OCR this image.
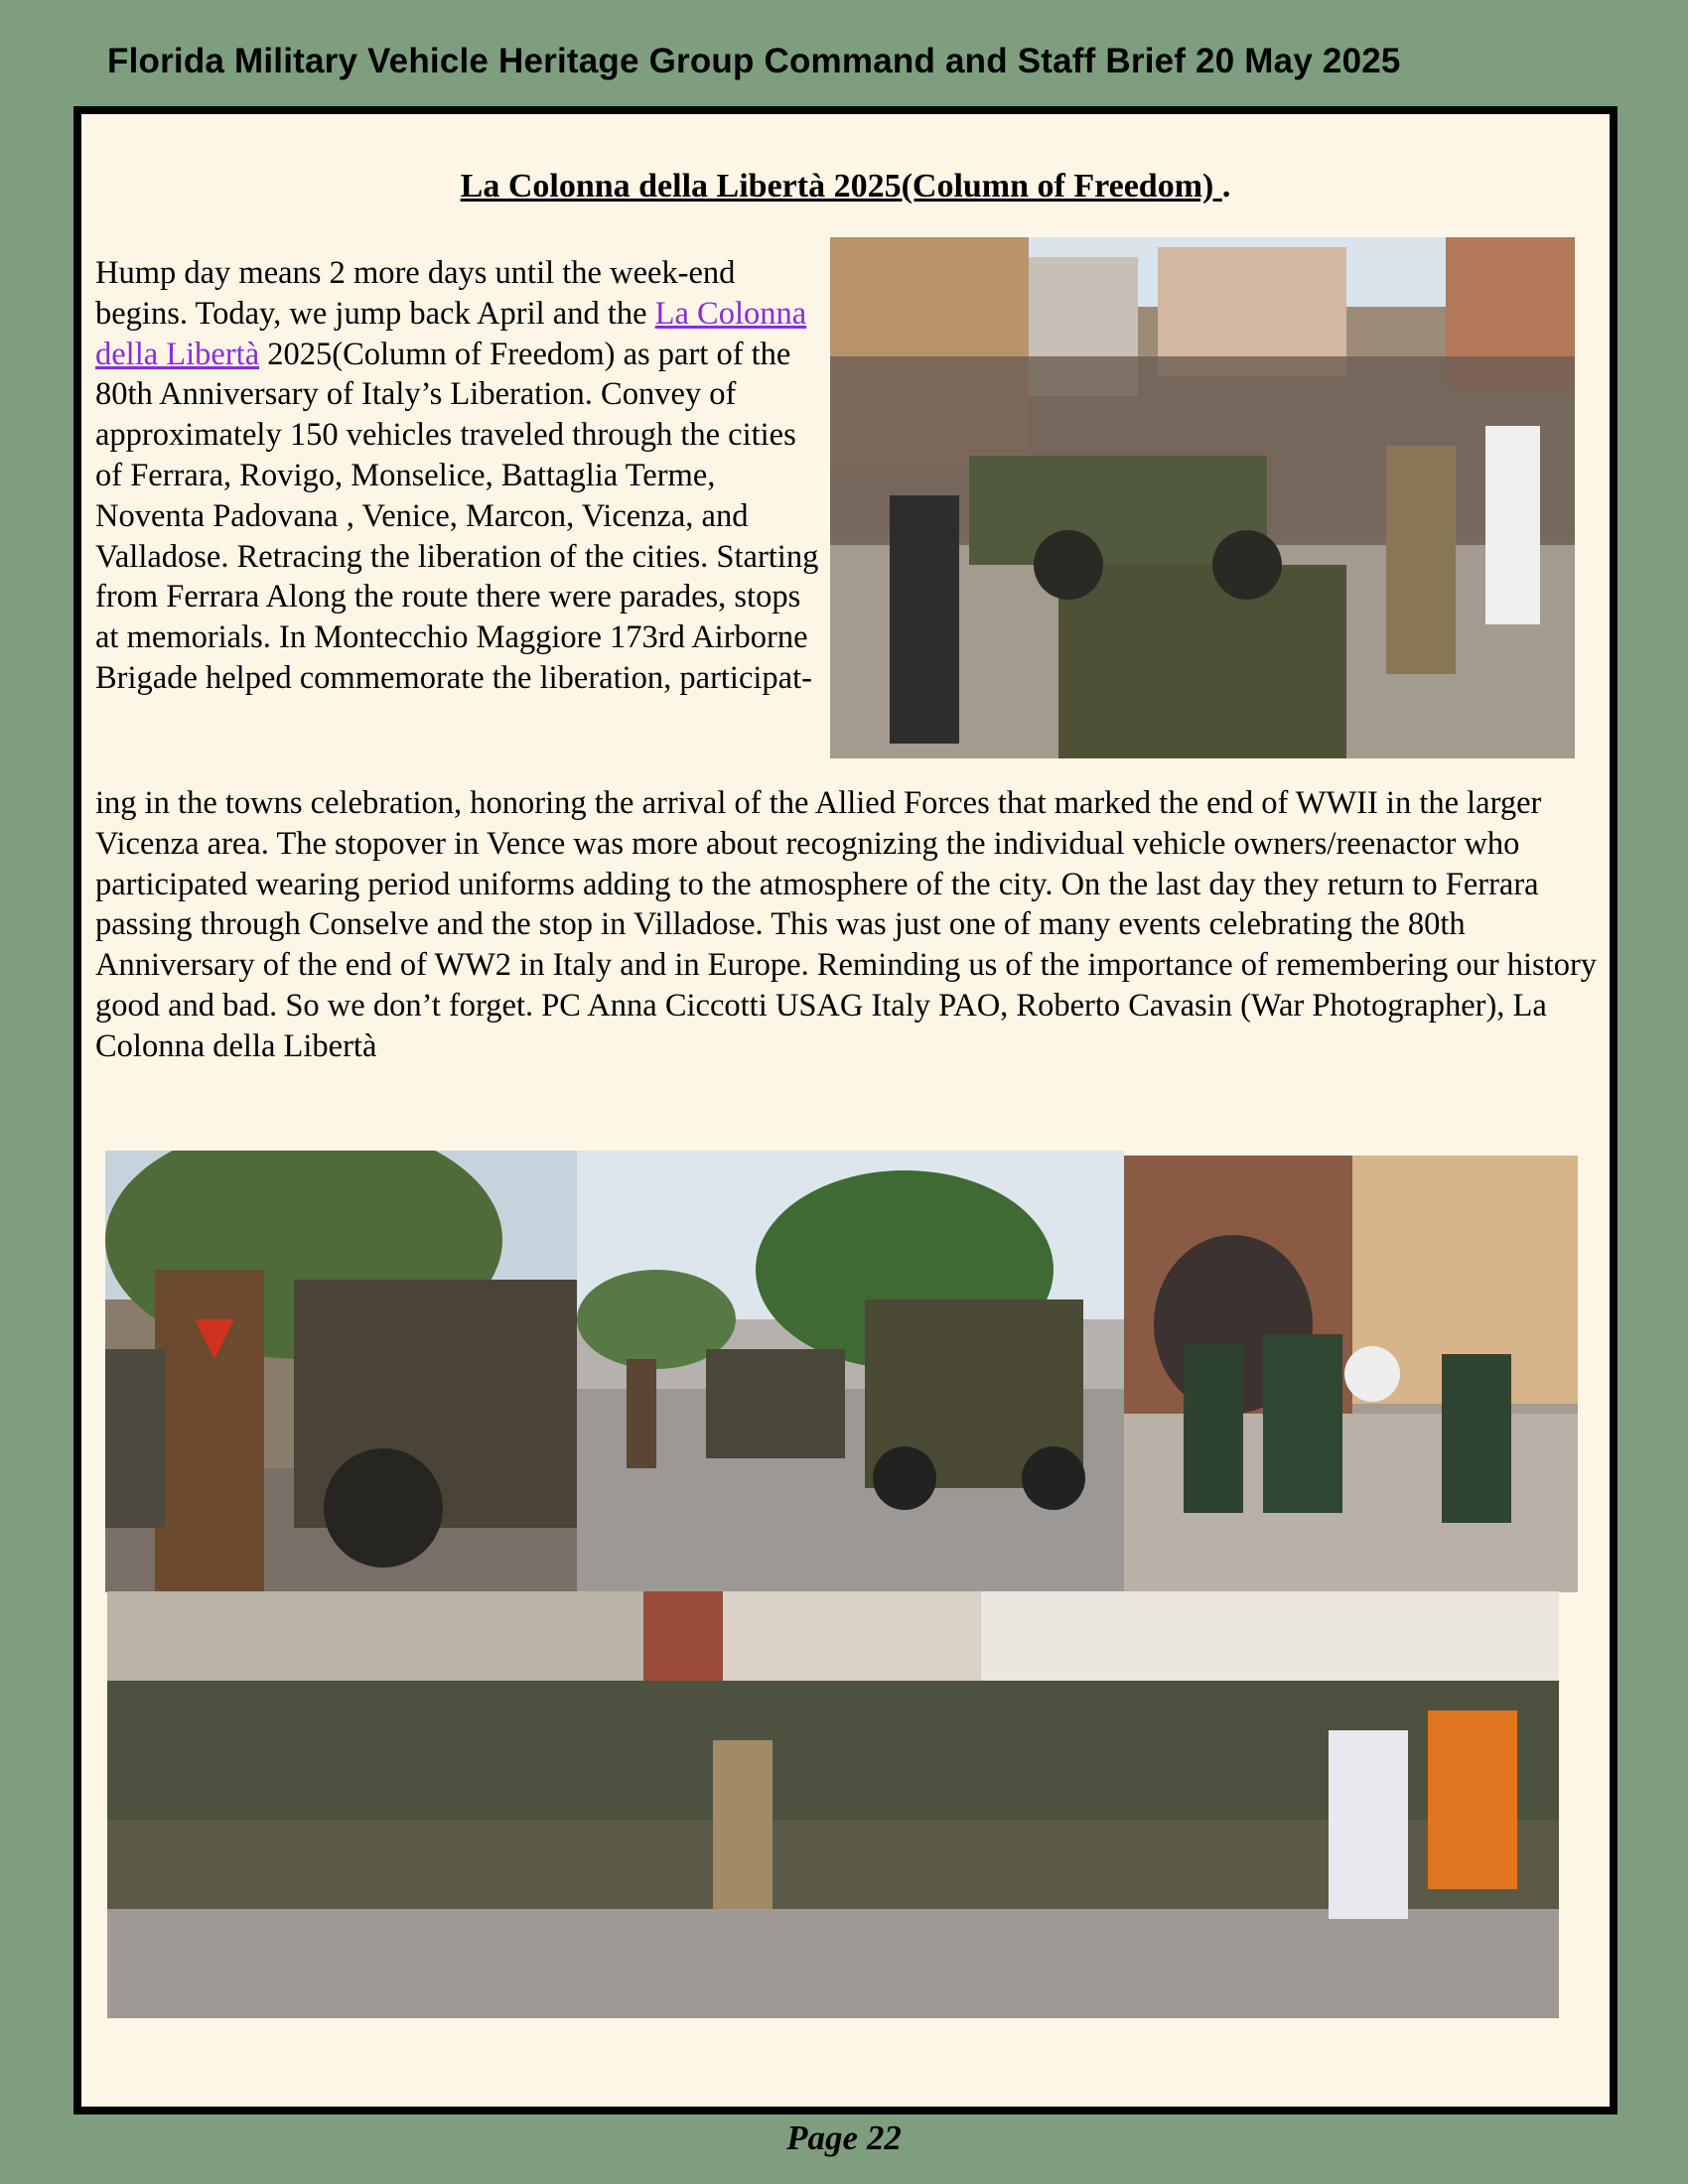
Florida Military Vehicle Heritage Group Command and Staff Brief 20 May 2025
La Colonna della Libertà 2025(Column of Freedom) .
Hump day means 2 more days until the week-end begins. Today, we jump back April and the La Colonna della Libertà 2025(Column of Freedom) as part of the 80th Anniversary of Italy’s Liberation. Convey of approximately 150 vehicles traveled through the cities of Ferrara, Rovigo, Monselice, Battaglia Terme, Noventa Padovana , Venice, Marcon, Vicenza, and Valladose. Retracing the liberation of the cities. Starting from Ferrara Along the route there were parades, stops at memorials. In Montecchio Maggiore 173rd Airborne Brigade helped commemorate the liberation, participat-
ing in the towns celebration, honoring the arrival of the Allied Forces that marked the end of WWII in the larger Vicenza area. The stopover in Vence was more about recognizing the individual vehicle owners/reenactor who participated wearing period uniforms adding to the atmosphere of the city. On the last day they return to Ferrara passing through Conselve and the stop in Villadose. This was just one of many events celebrating the 80th Anniversary of the end of WW2 in Italy and in Europe. Reminding us of the importance of remembering our history good and bad. So we don’t forget. PC Anna Ciccotti USAG Italy PAO, Roberto Cavasin (War Photographer), La Colonna della Libertà
Page 22
